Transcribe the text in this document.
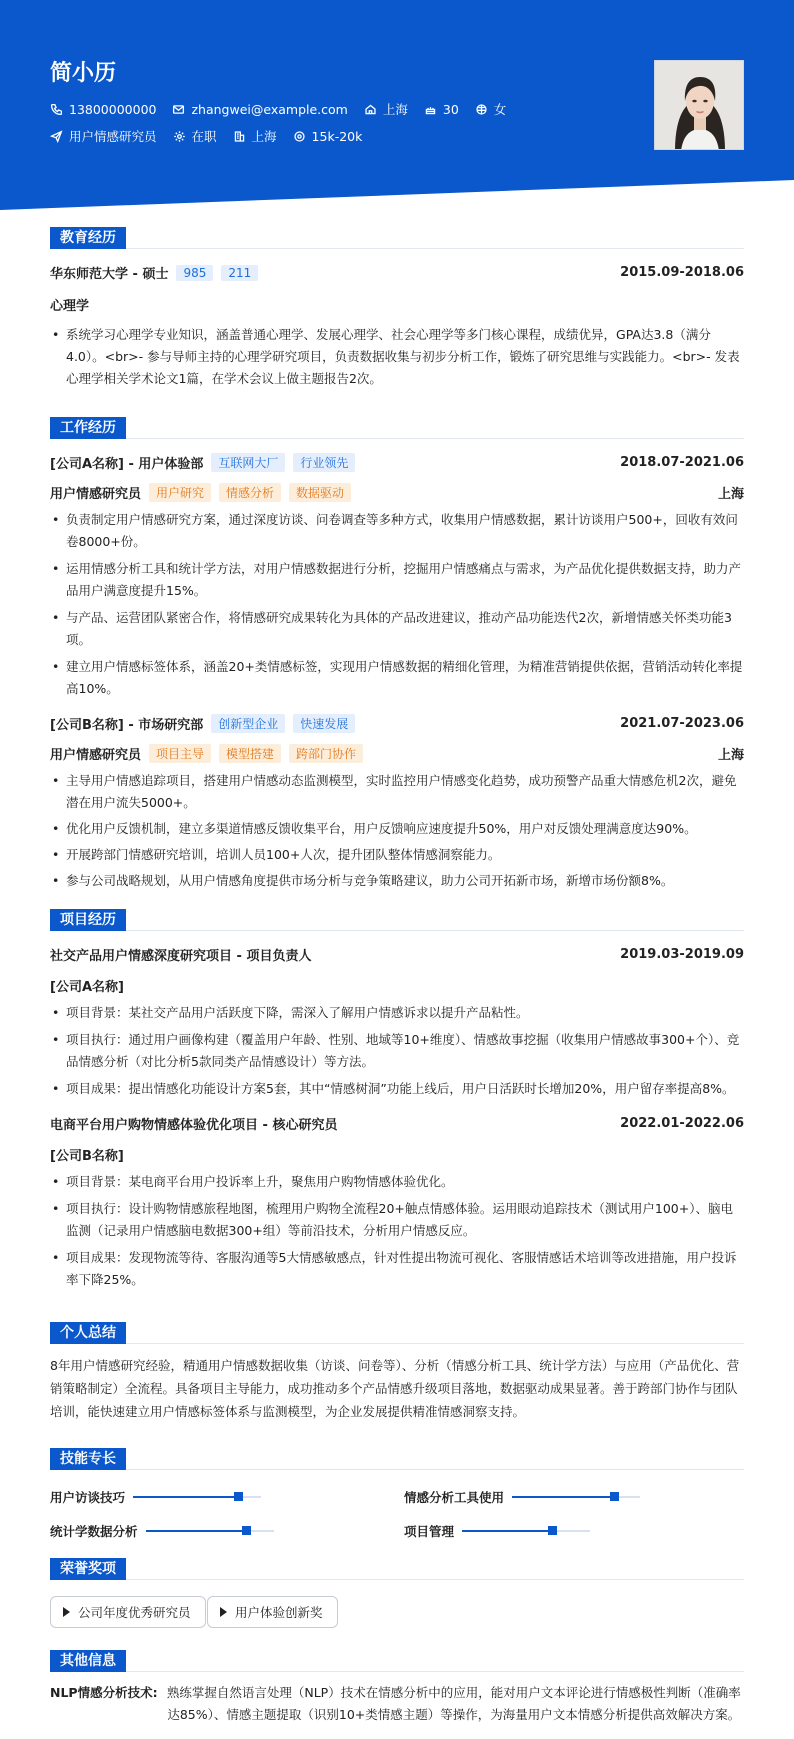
简小历
13800000000	zhangwei@example.com	上海	30	女
用户情感研究员	在职	上海	15k-20k
教育经历
华东师范大学 - 硕士	985	211	2015.09-2018.06
心理学
• 系统学习心理学专业知识，涵盖普通心理学、发展心理学、社会心理学等多门核心课程，成绩优异，GPA达3.8（满分4.0）。<br>- 参与导师主持的心理学研究项目，负责数据收集与初步分析工作，锻炼了研究思维与实践能力。<br>- 发表心理学相关学术论文1篇，在学术会议上做主题报告2次。
工作经历
[公司A名称] - 用户体验部	互联网大厂	行业领先	2018.07-2021.06
用户情感研究员	用户研究	情感分析	数据驱动	上海
• 负责制定用户情感研究方案，通过深度访谈、问卷调查等多种方式，收集用户情感数据，累计访谈用户500+，回收有效问卷8000+份。
• 运用情感分析工具和统计学方法，对用户情感数据进行分析，挖掘用户情感痛点与需求，为产品优化提供数据支持，助力产品用户满意度提升15%。
• 与产品、运营团队紧密合作，将情感研究成果转化为具体的产品改进建议，推动产品功能迭代2次，新增情感关怀类功能3项。
• 建立用户情感标签体系，涵盖20+类情感标签，实现用户情感数据的精细化管理，为精准营销提供依据，营销活动转化率提高10%。
[公司B名称] - 市场研究部	创新型企业	快速发展	2021.07-2023.06
用户情感研究员	项目主导	模型搭建	跨部门协作	上海
• 主导用户情感追踪项目，搭建用户情感动态监测模型，实时监控用户情感变化趋势，成功预警产品重大情感危机2次，避免潜在用户流失5000+。
• 优化用户反馈机制，建立多渠道情感反馈收集平台，用户反馈响应速度提升50%，用户对反馈处理满意度达90%。
• 开展跨部门情感研究培训，培训人员100+人次，提升团队整体情感洞察能力。
• 参与公司战略规划，从用户情感角度提供市场分析与竞争策略建议，助力公司开拓新市场，新增市场份额8%。
项目经历
社交产品用户情感深度研究项目 - 项目负责人	2019.03-2019.09
[公司A名称]
• 项目背景：某社交产品用户活跃度下降，需深入了解用户情感诉求以提升产品粘性。
• 项目执行：通过用户画像构建（覆盖用户年龄、性别、地域等10+维度）、情感故事挖掘（收集用户情感故事300+个）、竞品情感分析（对比分析5款同类产品情感设计）等方法。
• 项目成果：提出情感化功能设计方案5套，其中“情感树洞”功能上线后，用户日活跃时长增加20%，用户留存率提高8%。
电商平台用户购物情感体验优化项目 - 核心研究员	2022.01-2022.06
[公司B名称]
• 项目背景：某电商平台用户投诉率上升，聚焦用户购物情感体验优化。
• 项目执行：设计购物情感旅程地图，梳理用户购物全流程20+触点情感体验。运用眼动追踪技术（测试用户100+）、脑电监测（记录用户情感脑电数据300+组）等前沿技术，分析用户情感反应。
• 项目成果：发现物流等待、客服沟通等5大情感敏感点，针对性提出物流可视化、客服情感话术培训等改进措施，用户投诉率下降25%。
个人总结
8年用户情感研究经验，精通用户情感数据收集（访谈、问卷等）、分析（情感分析工具、统计学方法）与应用（产品优化、营销策略制定）全流程。具备项目主导能力，成功推动多个产品情感升级项目落地，数据驱动成果显著。善于跨部门协作与团队培训，能快速建立用户情感标签体系与监测模型，为企业发展提供精准情感洞察支持。
技能专长
用户访谈技巧	情感分析工具使用
统计学数据分析	项目管理
荣誉奖项
公司年度优秀研究员	用户体验创新奖
其他信息
NLP情感分析技术: 熟练掌握自然语言处理（NLP）技术在情感分析中的应用，能对用户文本评论进行情感极性判断（准确率达85%）、情感主题提取（识别10+类情感主题）等操作，为海量用户文本情感分析提供高效解决方案。
